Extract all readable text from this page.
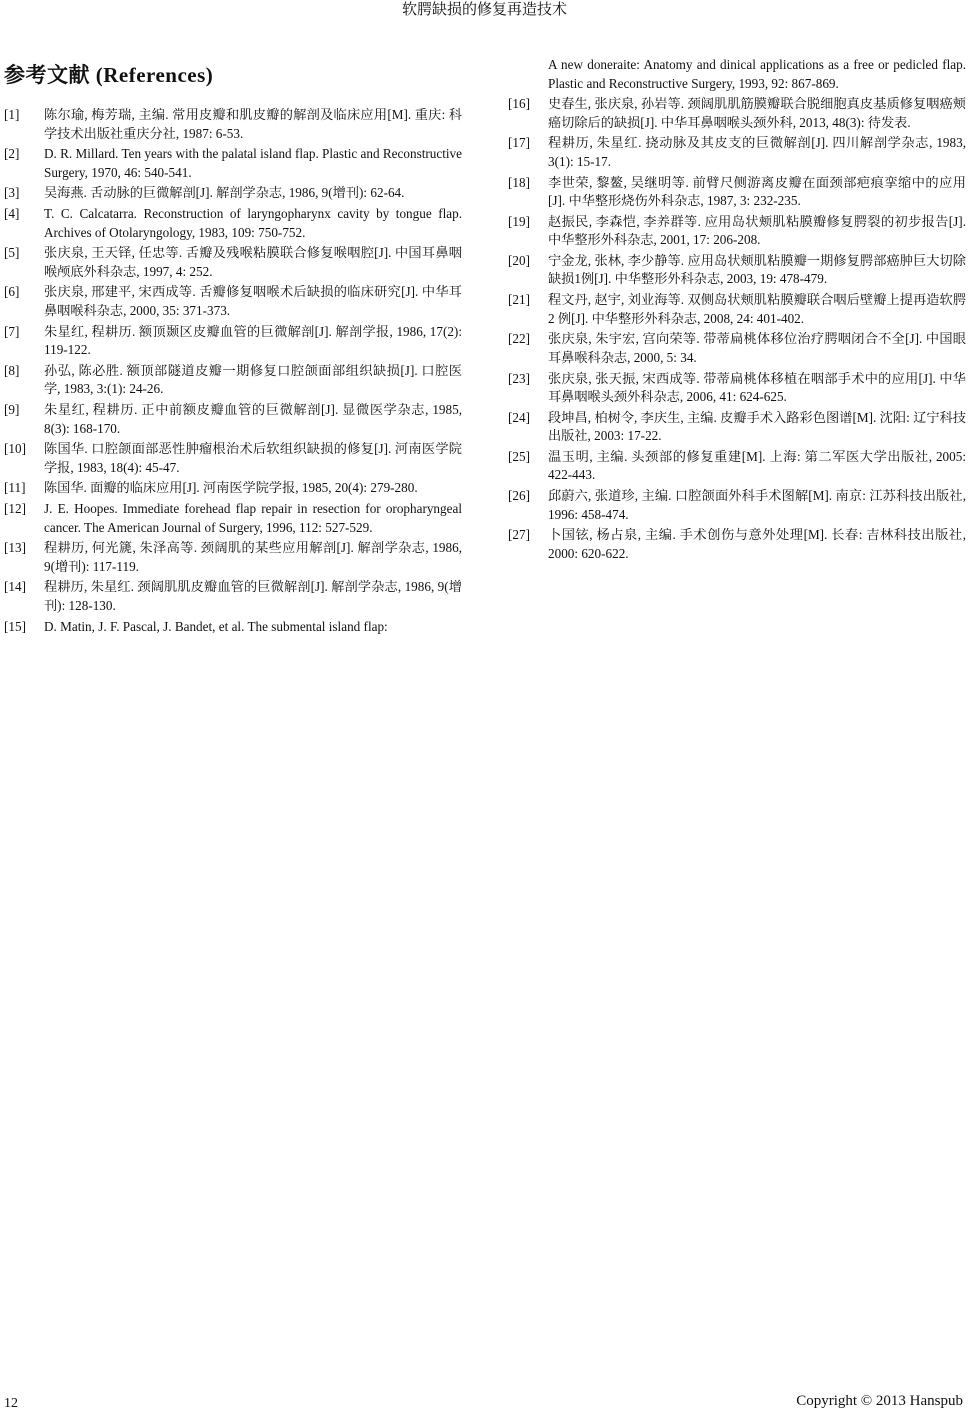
软腭缺损的修复再造技术
参考文献 (References)
[1]	陈尔瑜, 梅芳瑞, 主编. 常用皮瓣和肌皮瓣的解剖及临床应用[M]. 重庆: 科学技术出版社重庆分社, 1987: 6-53.
[2]	D. R. Millard. Ten years with the palatal island flap. Plastic and Reconstructive Surgery, 1970, 46: 540-541.
[3]	吴海燕. 舌动脉的巨微解剖[J]. 解剖学杂志, 1986, 9(增刊): 62-64.
[4]	T. C. Calcatarra. Reconstruction of laryngopharynx cavity by tongue flap. Archives of Otolaryngology, 1983, 109: 750-752.
[5]	张庆泉, 王天铎, 任忠等. 舌瓣及残喉粘膜联合修复喉咽腔[J]. 中国耳鼻咽喉颅底外科杂志, 1997, 4: 252.
[6]	张庆泉, 邢建平, 宋西成等. 舌瓣修复咽喉术后缺损的临床研究[J]. 中华耳鼻咽喉科杂志, 2000, 35: 371-373.
[7]	朱星红, 程耕历. 额顶颞区皮瓣血管的巨微解剖[J]. 解剖学报, 1986, 17(2): 119-122.
[8]	孙弘, 陈必胜. 额顶部隧道皮瓣一期修复口腔颌面部组织缺损[J]. 口腔医学, 1983, 3:(1): 24-26.
[9]	朱星红, 程耕历. 正中前额皮瓣血管的巨微解剖[J]. 显微医学杂志, 1985, 8(3): 168-170.
[10]	陈国华. 口腔颌面部恶性肿瘤根治术后软组织缺损的修复[J]. 河南医学院学报, 1983, 18(4): 45-47.
[11]	陈国华. 面瓣的临床应用[J]. 河南医学院学报, 1985, 20(4): 279-280.
[12]	J. E. Hoopes. Immediate forehead flap repair in resection for oropharyngeal cancer. The American Journal of Surgery, 1996, 112: 527-529.
[13]	程耕历, 何光篪, 朱泽高等. 颈阔肌的某些应用解剖[J]. 解剖学杂志, 1986, 9(增刊): 117-119.
[14]	程耕历, 朱星红. 颈阔肌肌皮瓣血管的巨微解剖[J]. 解剖学杂志, 1986, 9(增刊): 128-130.
[15]	D. Matin, J. F. Pascal, J. Bandet, et al. The submental island flap:
A new doneraite: Anatomy and dinical applications as a free or pedicled flap. Plastic and Reconstructive Surgery, 1993, 92: 867-869.
[16]	史春生, 张庆泉, 孙岩等. 颈阔肌肌筋膜瓣联合脱细胞真皮基质修复咽癌颊癌切除后的缺损[J]. 中华耳鼻咽喉头颈外科, 2013, 48(3): 待发表.
[17]	程耕历, 朱星红. 挠动脉及其皮支的巨微解剖[J]. 四川解剖学杂志, 1983, 3(1): 15-17.
[18]	李世荣, 黎鳌, 吴继明等. 前臂尺侧游离皮瓣在面颈部疤痕挛缩中的应用[J]. 中华整形烧伤外科杂志, 1987, 3: 232-235.
[19]	赵振民, 李森恺, 李养群等. 应用岛状颊肌粘膜瓣修复腭裂的初步报告[J]. 中华整形外科杂志, 2001, 17: 206-208.
[20]	宁金龙, 张林, 李少静等. 应用岛状颊肌粘膜瓣一期修复腭部癌肿巨大切除缺损1例[J]. 中华整形外科杂志, 2003, 19: 478-479.
[21]	程文丹, 赵宇, 刘业海等. 双侧岛状颊肌粘膜瓣联合咽后壁瓣上提再造软腭 2 例[J]. 中华整形外科杂志, 2008, 24: 401-402.
[22]	张庆泉, 朱宇宏, 宫向荣等. 带蒂扁桃体移位治疗腭咽闭合不全[J]. 中国眼耳鼻喉科杂志, 2000, 5: 34.
[23]	张庆泉, 张天振, 宋西成等. 带蒂扁桃体移植在咽部手术中的应用[J]. 中华耳鼻咽喉头颈外科杂志, 2006, 41: 624-625.
[24]	段坤昌, 柏树令, 李庆生, 主编. 皮瓣手术入路彩色图谱[M]. 沈阳: 辽宁科技出版社, 2003: 17-22.
[25]	温玉明, 主编. 头颈部的修复重建[M]. 上海: 第二军医大学出版社, 2005: 422-443.
[26]	邱蔚六, 张道珍, 主编. 口腔颌面外科手术图解[M]. 南京: 江苏科技出版社, 1996: 458-474.
[27]	卜国铉, 杨占泉, 主编. 手术创伤与意外处理[M]. 长春: 吉林科技出版社, 2000: 620-622.
12	Copyright © 2013 Hanspub
